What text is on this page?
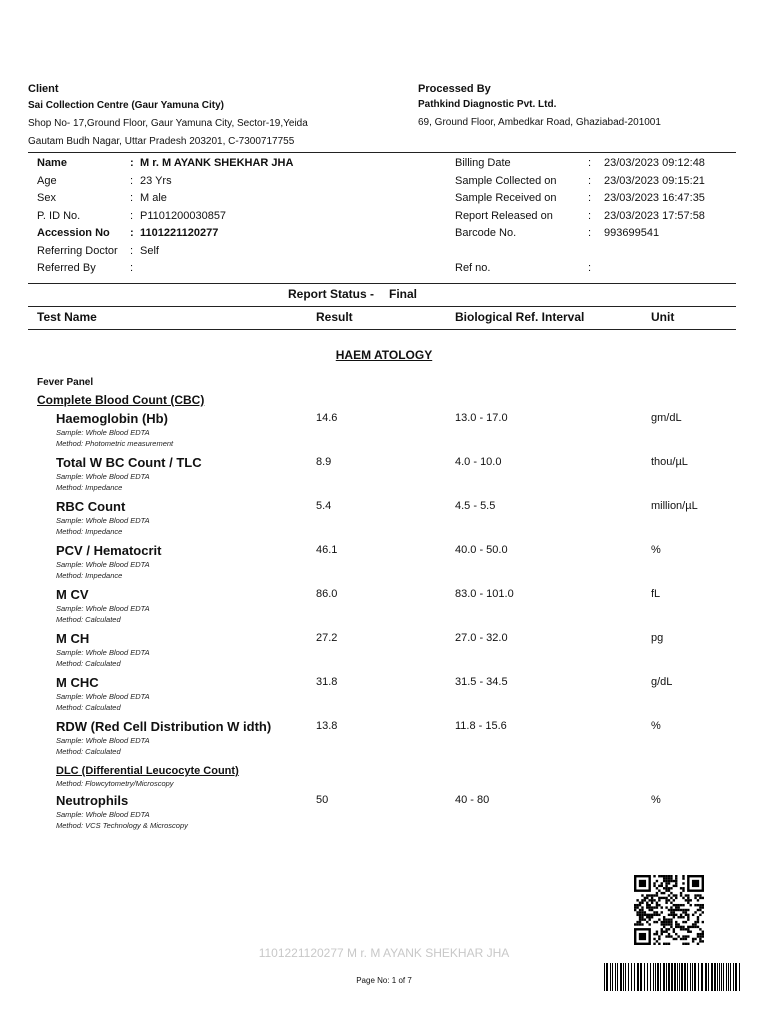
Client
Sai Collection Centre (Gaur Yamuna City)
Shop No- 17,Ground Floor, Gaur Yamuna City, Sector-19,Yeida
Gautam Budh Nagar, Uttar Pradesh 203201, C-7300717755
Processed By
Pathkind Diagnostic Pvt. Ltd.
69, Ground Floor, Ambedkar Road, Ghaziabad-201001
Name	: M r. M AYANK SHEKHAR JHA
Age	: 23 Yrs
Sex	: M ale
P. ID No.	: P1101200030857
Accession No : 1101221120277
Referring Doctor : Self
Referred By	:
Billing Date	: 23/03/2023 09:12:48
Sample Collected on	: 23/03/2023 09:15:21
Sample Received on	: 23/03/2023 16:47:35
Report Released on	: 23/03/2023 17:57:58
Barcode No.	: 993699541
Ref no.	:
Report Status - Final
Test Name	Result	Biological Ref. Interval	Unit
HAEM ATOLOGY
Fever Panel
Complete Blood Count (CBC)
Haemoglobin (Hb)
Sample: Whole Blood EDTA
Method: Photometric measurement
14.6	13.0 - 17.0	gm/dL
Total W BC Count / TLC
Sample: Whole Blood EDTA
Method: Impedance
8.9	4.0 - 10.0	thou/µL
RBC Count
Sample: Whole Blood EDTA
Method: Impedance
5.4	4.5 - 5.5	million/µL
PCV / Hematocrit
Sample: Whole Blood EDTA
Method: Impedance
46.1	40.0 - 50.0	%
M CV
Sample: Whole Blood EDTA
Method: Calculated
86.0	83.0 - 101.0	fL
M CH
Sample: Whole Blood EDTA
Method: Calculated
27.2	27.0 - 32.0	pg
M CHC
Sample: Whole Blood EDTA
Method: Calculated
31.8	31.5 - 34.5	g/dL
RDW (Red Cell Distribution W idth)
Sample: Whole Blood EDTA
Method: Calculated
13.8	11.8 - 15.6	%
DLC (Differential Leucocyte Count)
Method: Flowcytometry/Microscopy
Neutrophils
Sample: Whole Blood EDTA
Method: VCS Technology & Microscopy
50	40 - 80	%
1101221120277 M r. M AYANK SHEKHAR JHA
Page No: 1 of 7
